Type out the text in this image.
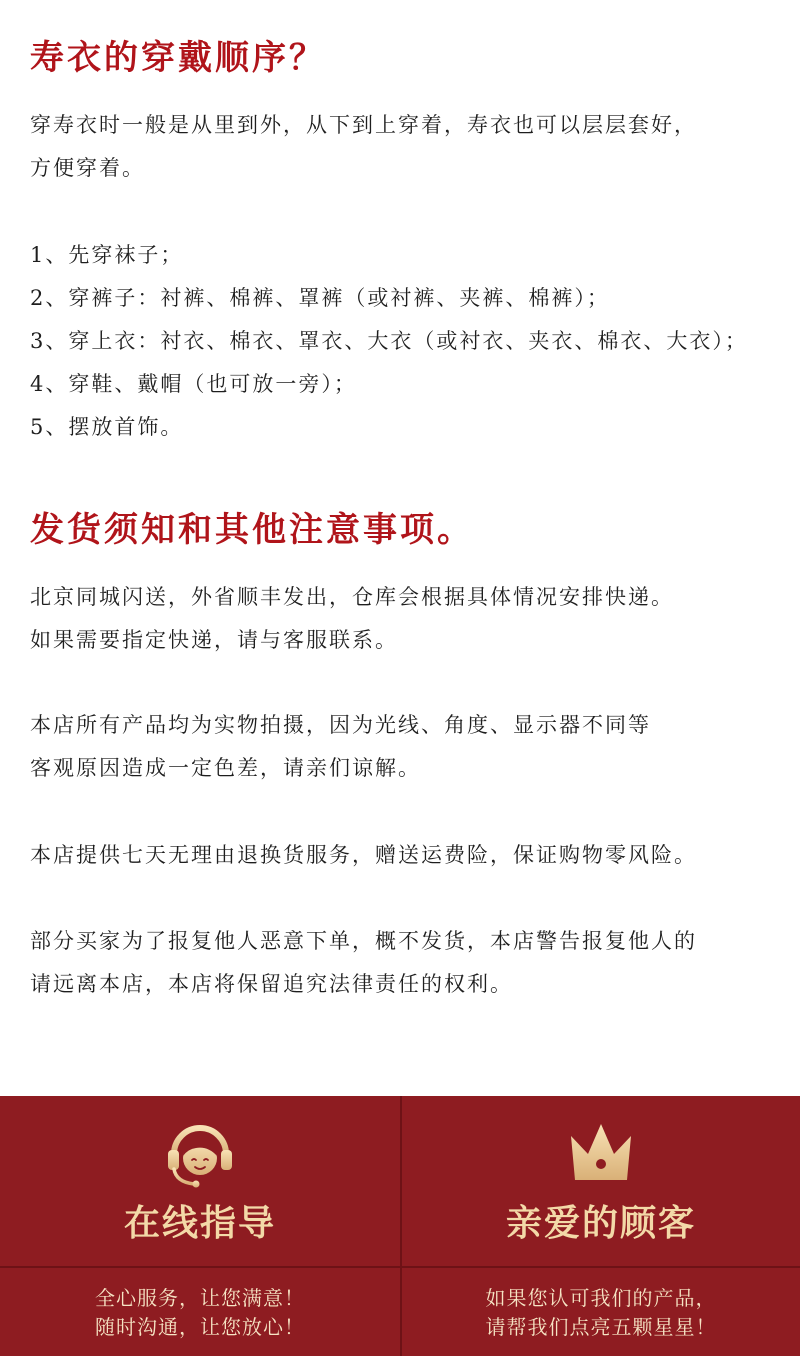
寿衣的穿戴顺序？

穿寿衣时一般是从里到外，从下到上穿着，寿衣也可以层层套好，
方便穿着。

1、先穿袜子；
2、穿裤子：衬裤、棉裤、罩裤（或衬裤、夹裤、棉裤）；
3、穿上衣：衬衣、棉衣、罩衣、大衣（或衬衣、夹衣、棉衣、大衣）；
4、穿鞋、戴帽（也可放一旁）；
5、摆放首饰。
发货须知和其他注意事项。

北京同城闪送，外省顺丰发出，仓库会根据具体情况安排快递。
如果需要指定快递，请与客服联系。

本店所有产品均为实物拍摄，因为光线、角度、显示器不同等
客观原因造成一定色差，请亲们谅解。

本店提供七天无理由退换货服务，赠送运费险，保证购物零风险。

部分买家为了报复他人恶意下单，概不发货，本店警告报复他人的
请远离本店，本店将保留追究法律责任的权利。

在线指导
全心服务，让您满意！
随时沟通，让您放心！
亲爱的顾客
如果您认可我们的产品，
请帮我们点亮五颗星星！
